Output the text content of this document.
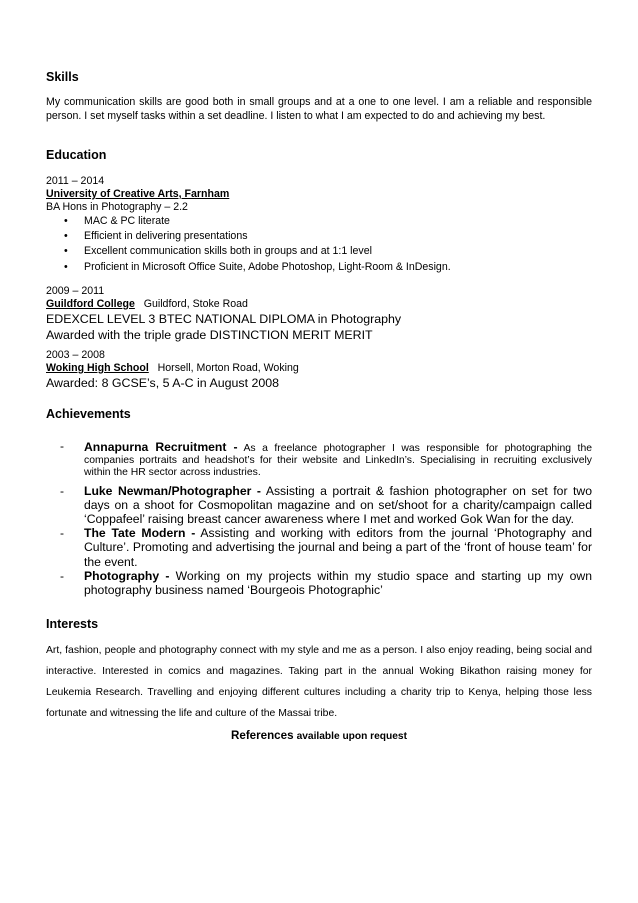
Skills

My communication skills are good both in small groups and at a one to one level. I am a reliable and responsible person. I set myself tasks within a set deadline. I listen to what I am expected to do and achieving my best.

Education

2011 – 2014

University of Creative Arts, Farnham

BA Hons in Photography – 2.2

• MAC & PC literate
• Efficient in delivering presentations
• Excellent communication skills both in groups and at 1:1 level
• Proficient in Microsoft Office Suite, Adobe Photoshop, Light-Room & InDesign.

2009 – 2011

Guildford College Guildford, Stoke Road

EDEXCEL LEVEL 3 BTEC NATIONAL DIPLOMA in Photography

Awarded with the triple grade DISTINCTION MERIT MERIT

2003 – 2008

Woking High School Horsell, Morton Road, Woking

Awarded: 8 GCSE’s, 5 A-C in August 2008

Achievements
- Annapurna Recruitment - As a freelance photographer I was responsible for photographing the companies portraits and headshot’s for their website and LinkedIn’s. Specialising in recruiting exclusively within the HR sector across industries.
- Luke Newman/Photographer - Assisting a portrait & fashion photographer on set for two days on a shoot for Cosmopolitan magazine and on set/shoot for a charity/campaign called ‘Coppafeel’ raising breast cancer awareness where I met and worked Gok Wan for the day.
- The Tate Modern - Assisting and working with editors from the journal ‘Photography and Culture’. Promoting and advertising the journal and being a part of the ‘front of house team’ for the event.
- Photography - Working on my projects within my studio space and starting up my own photography business named ‘Bourgeois Photographic’
Interests

Art, fashion, people and photography connect with my style and me as a person. I also enjoy reading, being social and interactive. Interested in comics and magazines. Taking part in the annual Woking Bikathon raising money for Leukemia Research. Travelling and enjoying different cultures including a charity trip to Kenya, helping those less fortunate and witnessing the life and culture of the Massai tribe.

References available upon request
